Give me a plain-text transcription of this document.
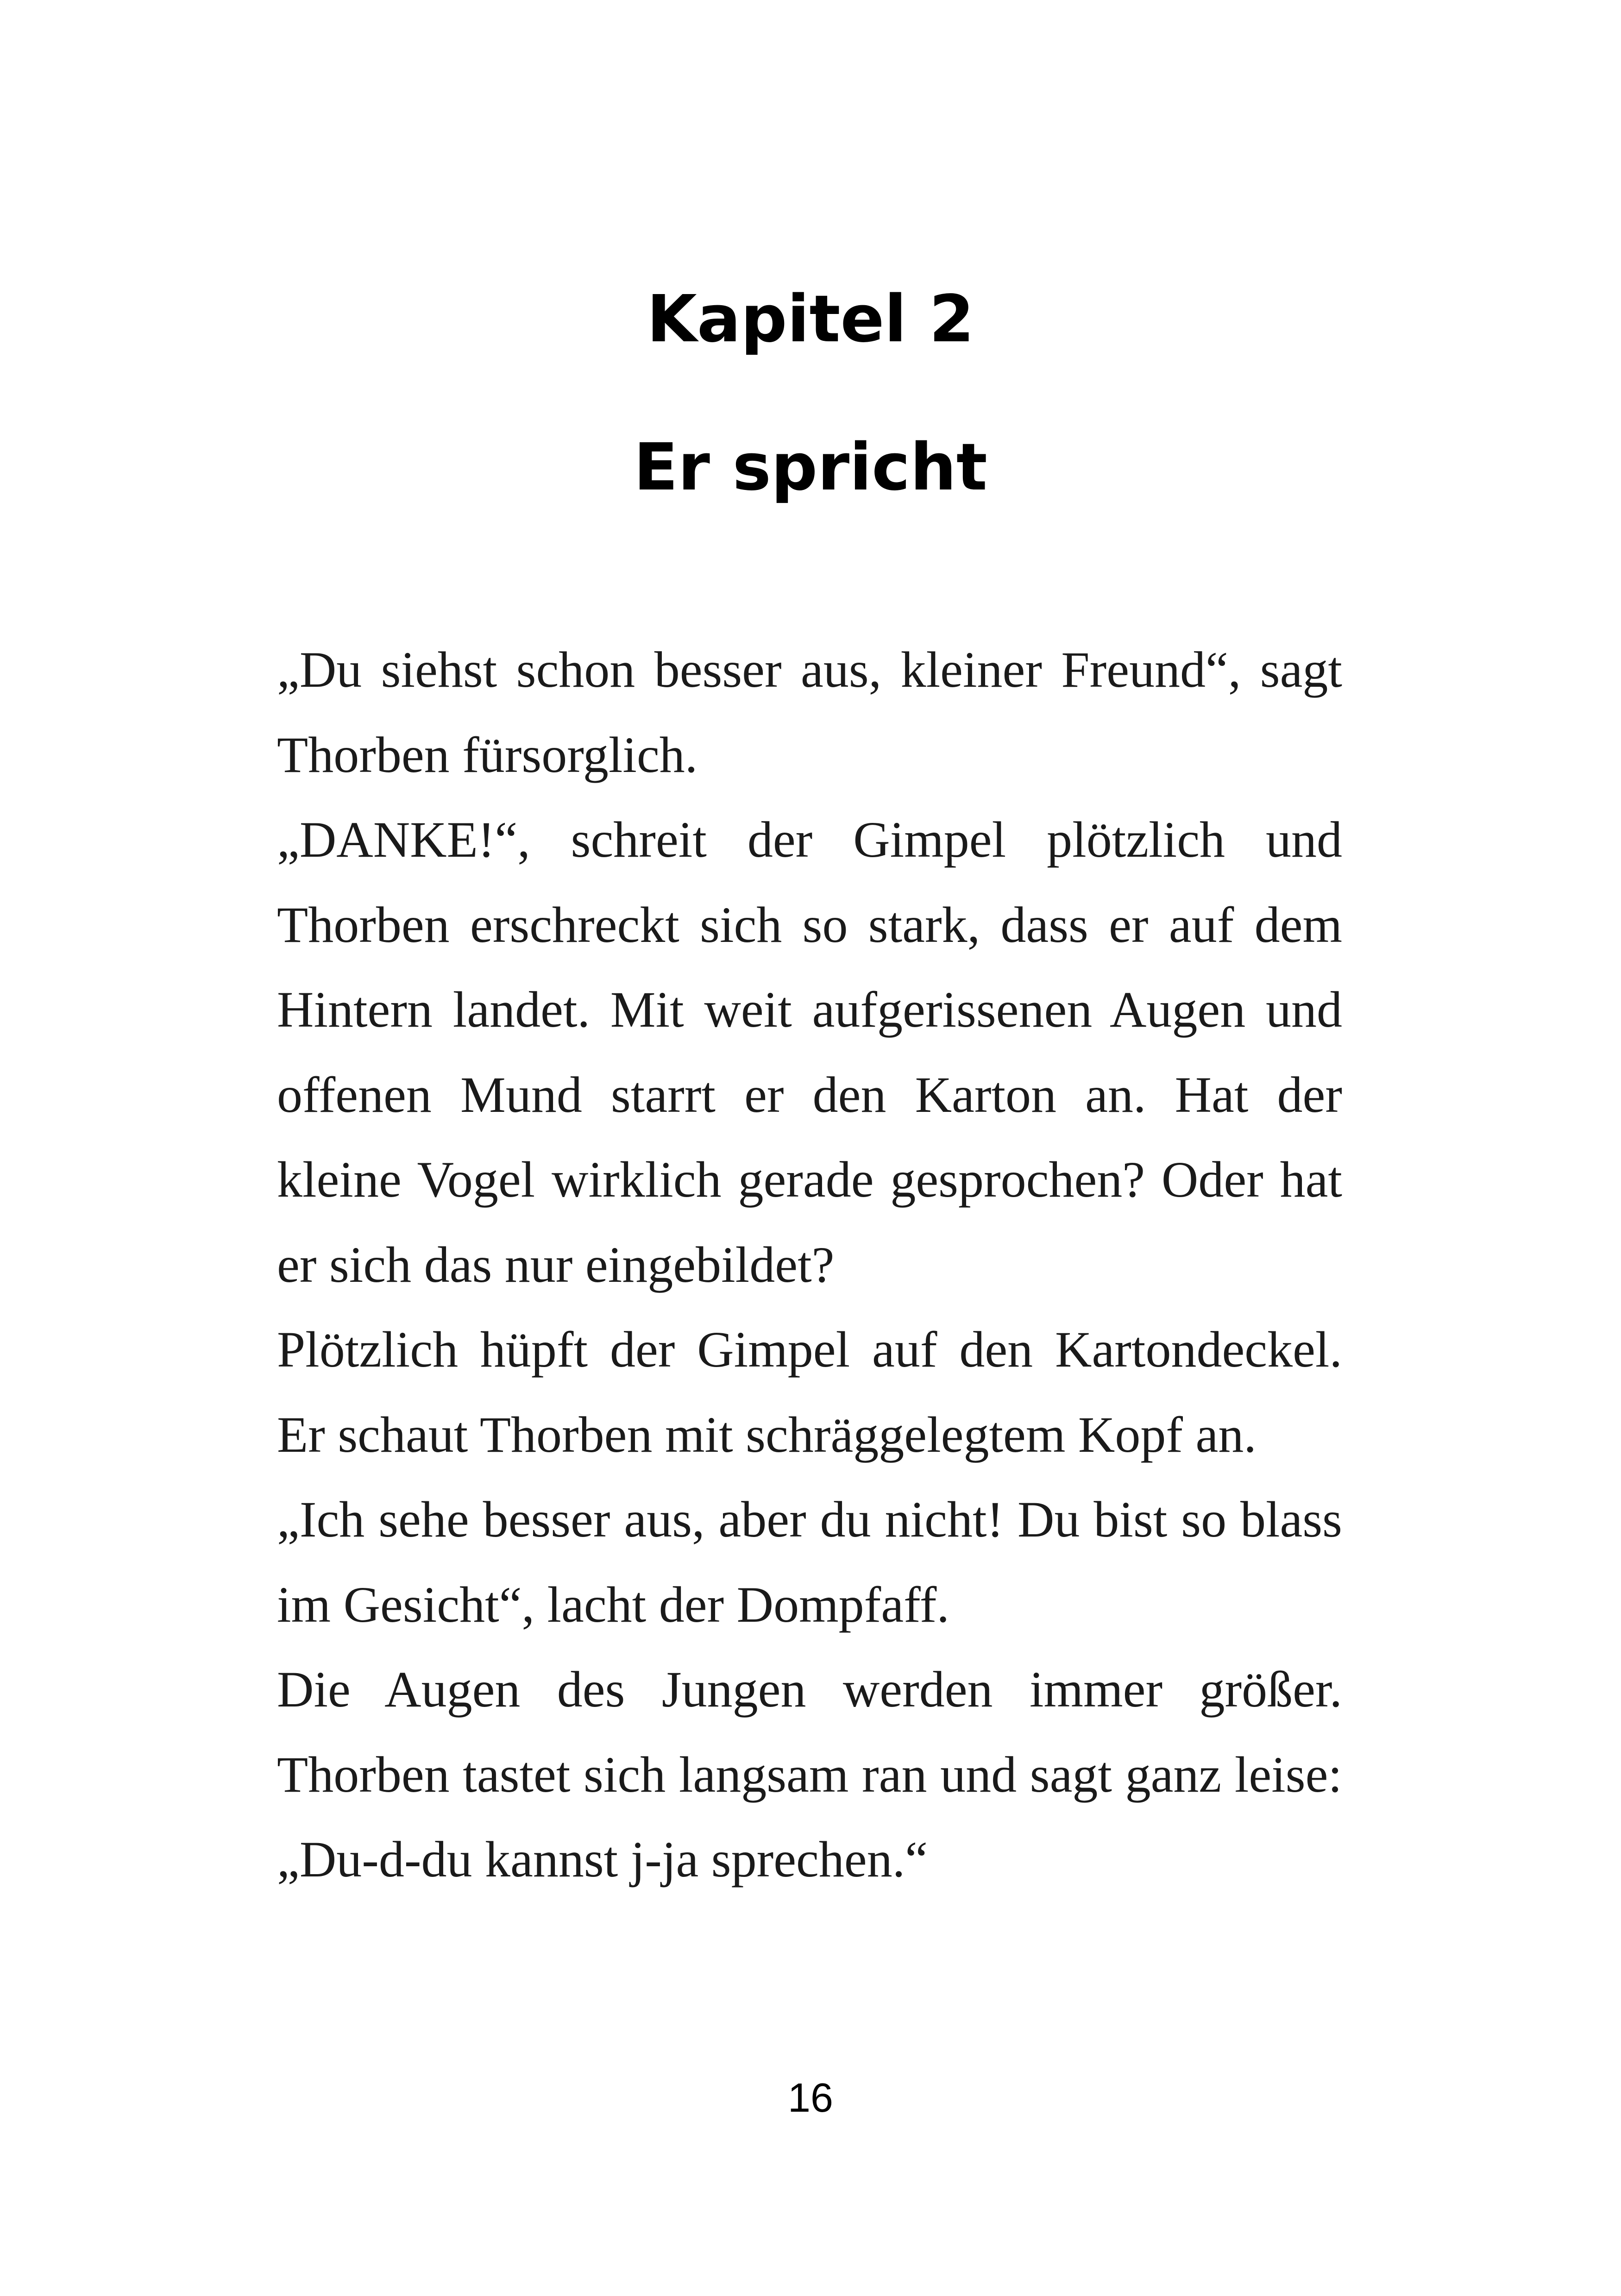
Kapitel 2
Er spricht
„Du siehst schon besser aus, kleiner Freund“, sagt
Thorben fürsorglich.
„DANKE!“, schreit der Gimpel plötzlich und
Thorben erschreckt sich so stark, dass er auf dem
Hintern landet. Mit weit aufgerissenen Augen und
offenen Mund starrt er den Karton an. Hat der
kleine Vogel wirklich gerade gesprochen? Oder hat
er sich das nur eingebildet?
Plötzlich hüpft der Gimpel auf den Kartondeckel.
Er schaut Thorben mit schräggelegtem Kopf an.
„Ich sehe besser aus, aber du nicht! Du bist so blass
im Gesicht“, lacht der Dompfaff.
Die Augen des Jungen werden immer größer.
Thorben tastet sich langsam ran und sagt ganz leise:
„Du-d-du kannst j-ja sprechen.“
16
